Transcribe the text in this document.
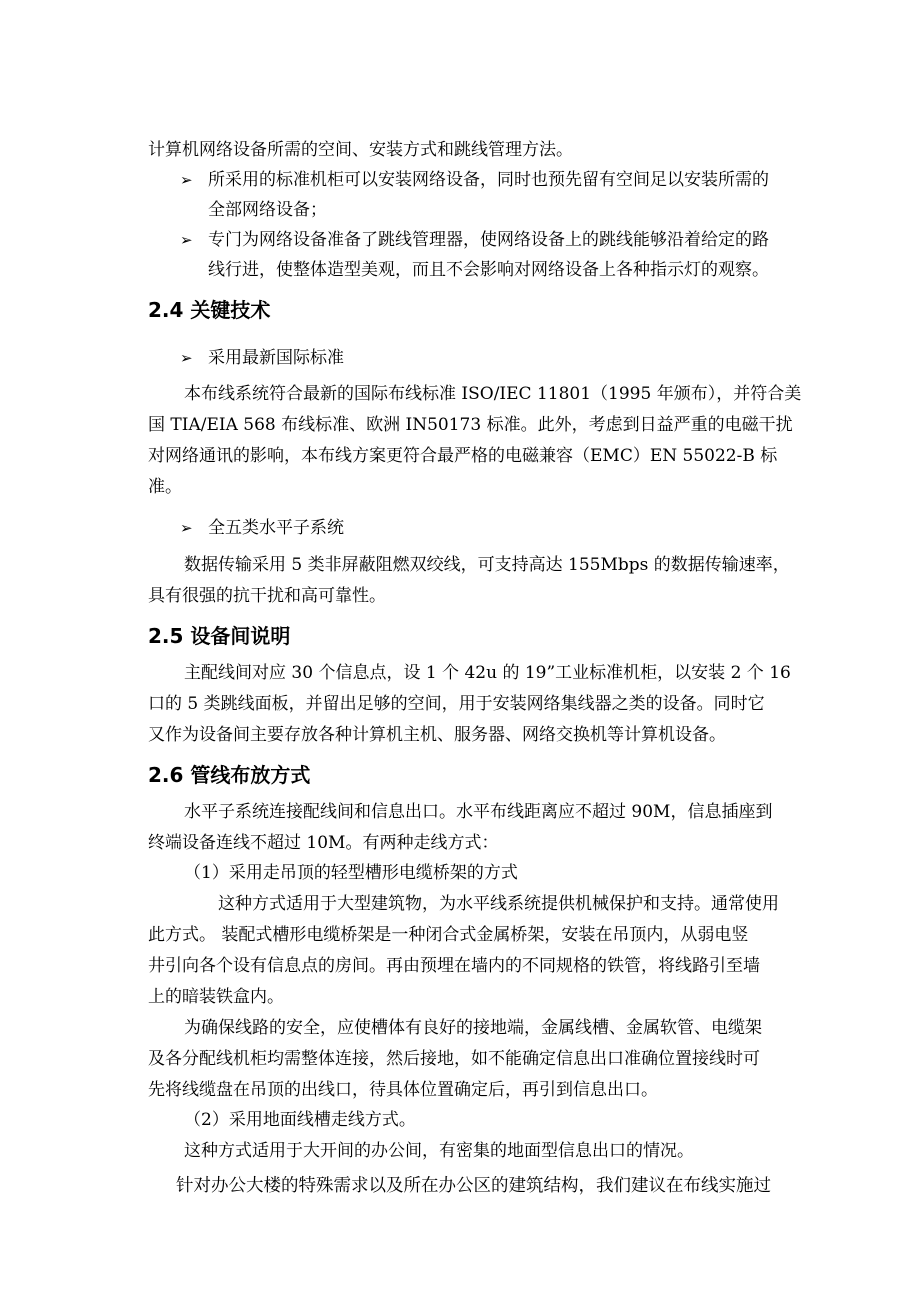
计算机网络设备所需的空间、安装方式和跳线管理方法。
➢ 所采用的标准机柜可以安装网络设备，同时也预先留有空间足以安装所需的
全部网络设备；
➢ 专门为网络设备准备了跳线管理器，使网络设备上的跳线能够沿着给定的路
线行进，使整体造型美观，而且不会影响对网络设备上各种指示灯的观察。
2.4 关键技术
➢ 采用最新国际标准
本布线系统符合最新的国际布线标准 ISO/IEC 11801（1995 年颁布），并符合美
国 TIA/EIA 568 布线标准、欧洲 IN50173 标准。此外，考虑到日益严重的电磁干扰
对网络通讯的影响，本布线方案更符合最严格的电磁兼容（EMC）EN 55022-B 标
准。
➢ 全五类水平子系统
数据传输采用 5 类非屏蔽阻燃双绞线，可支持高达 155Mbps 的数据传输速率，
具有很强的抗干扰和高可靠性。
2.5 设备间说明
主配线间对应 30 个信息点，设 1 个 42u 的 19”工业标准机柜，以安装 2 个 16
口的 5 类跳线面板，并留出足够的空间，用于安装网络集线器之类的设备。同时它
又作为设备间主要存放各种计算机主机、服务器、网络交换机等计算机设备。
2.6 管线布放方式
水平子系统连接配线间和信息出口。水平布线距离应不超过 90M，信息插座到
终端设备连线不超过 10M。有两种走线方式：
（1）采用走吊顶的轻型槽形电缆桥架的方式
这种方式适用于大型建筑物，为水平线系统提供机械保护和支持。通常使用
此方式。 装配式槽形电缆桥架是一种闭合式金属桥架，安装在吊顶内，从弱电竖
井引向各个设有信息点的房间。再由预埋在墙内的不同规格的铁管，将线路引至墙
上的暗装铁盒内。
为确保线路的安全，应使槽体有良好的接地端，金属线槽、金属软管、电缆架
及各分配线机柜均需整体连接，然后接地，如不能确定信息出口准确位置接线时可
先将线缆盘在吊顶的出线口，待具体位置确定后，再引到信息出口。
（2）采用地面线槽走线方式。
这种方式适用于大开间的办公间，有密集的地面型信息出口的情况。
针对办公大楼的特殊需求以及所在办公区的建筑结构，我们建议在布线实施过
